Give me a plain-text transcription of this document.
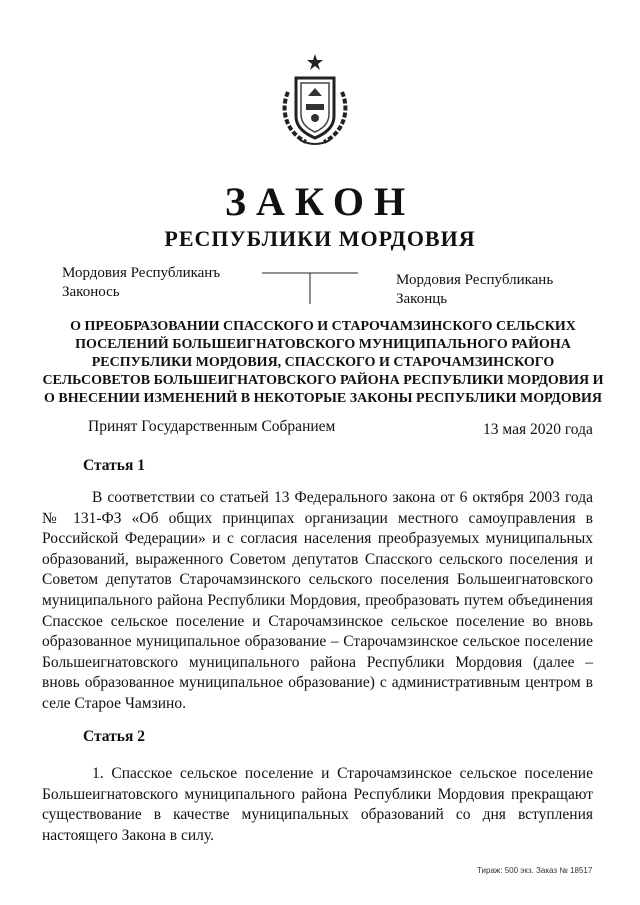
ЗАКОН
РЕСПУБЛИКИ МОРДОВИЯ
Мордовия Республиканъ Законось
Мордовия Республикань Законць
О ПРЕОБРАЗОВАНИИ СПАССКОГО И СТАРОЧАМЗИНСКОГО СЕЛЬСКИХ ПОСЕЛЕНИЙ БОЛЬШЕИГНАТОВСКОГО МУНИЦИПАЛЬНОГО РАЙОНА РЕСПУБЛИКИ МОРДОВИЯ, СПАССКОГО И СТАРОЧАМЗИНСКОГО СЕЛЬСОВЕТОВ БОЛЬШЕИГНАТОВСКОГО РАЙОНА РЕСПУБЛИКИ МОРДОВИЯ И О ВНЕСЕНИИ ИЗМЕНЕНИЙ В НЕКОТОРЫЕ ЗАКОНЫ РЕСПУБЛИКИ МОРДОВИЯ
Принят Государственным Собранием	13 мая 2020 года
Статья 1
В соответствии со статьей 13 Федерального закона от 6 октября 2003 года № 131-ФЗ «Об общих принципах организации местного самоуправления в Российской Федерации» и с согласия населения преобразуемых муниципальных образований, выраженного Советом депутатов Спасского сельского поселения и Советом депутатов Старочамзинского сельского поселения Большеигнатовского муниципального района Республики Мордовия, преобразовать путем объединения Спасское сельское поселение и Старочамзинское сельское поселение во вновь образованное муниципальное образование – Старочамзинское сельское поселение Большеигнатовского муниципального района Республики Мордовия (далее – вновь образованное муниципальное образование) с административным центром в селе Старое Чамзино.
Статья 2
1. Спасское сельское поселение и Старочамзинское сельское поселение Большеигнатовского муниципального района Республики Мордовия прекращают существование в качестве муниципальных образований со дня вступления настоящего Закона в силу.
Тираж: 500 экз. Заказ № 18517
